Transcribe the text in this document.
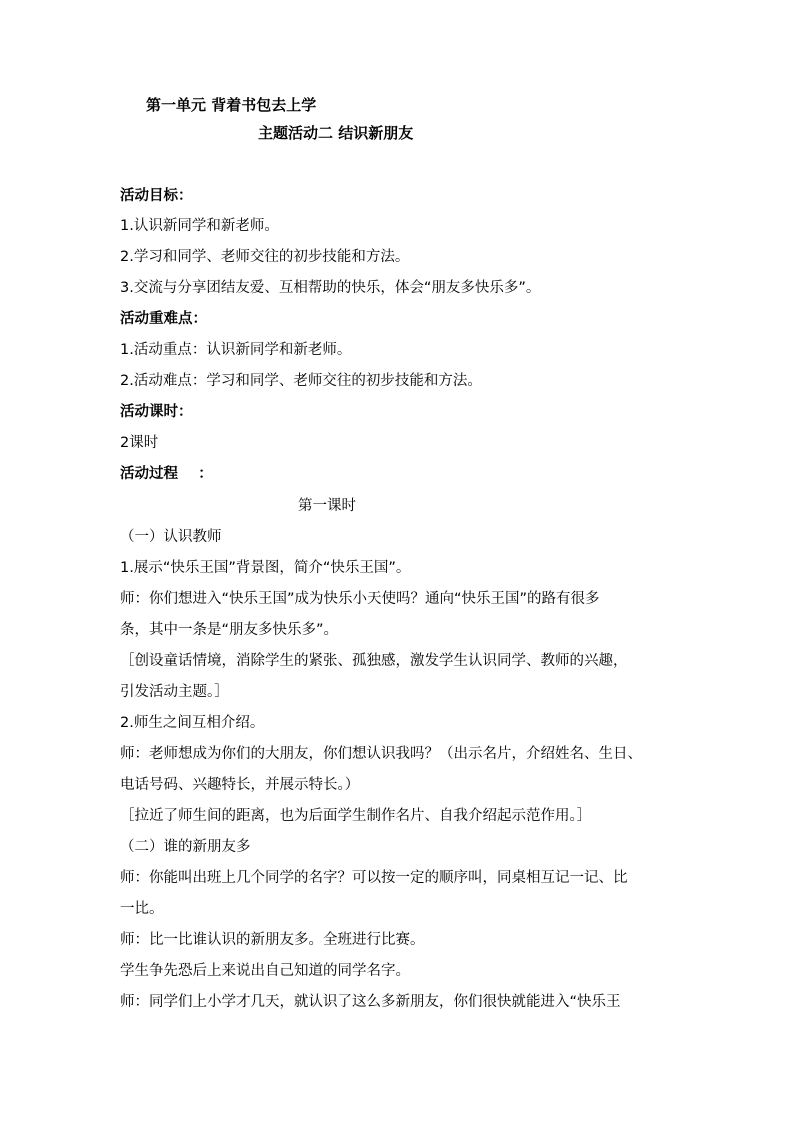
第一单元 背着书包去上学
主题活动二 结识新朋友
活动目标：
1.认识新同学和新老师。
2.学习和同学、老师交往的初步技能和方法。
3.交流与分享团结友爱、互相帮助的快乐，体会“朋友多快乐多”。
活动重难点：
1.活动重点：认识新同学和新老师。
2.活动难点：学习和同学、老师交往的初步技能和方法。
活动课时：
2课时
活动过程    ：
第一课时
（一）认识教师
1.展示“快乐王国”背景图，简介“快乐王国”。
师：你们想进入“快乐王国”成为快乐小天使吗？通向“快乐王国”的路有很多
条，其中一条是“朋友多快乐多”。
［创设童话情境，消除学生的紧张、孤独感，激发学生认识同学、教师的兴趣，
引发活动主题。］
2.师生之间互相介绍。
师：老师想成为你们的大朋友，你们想认识我吗？（出示名片，介绍姓名、生日、
电话号码、兴趣特长，并展示特长。）
［拉近了师生间的距离，也为后面学生制作名片、自我介绍起示范作用。］
（二）谁的新朋友多
师：你能叫出班上几个同学的名字？可以按一定的顺序叫，同桌相互记一记、比
一比。
师：比一比谁认识的新朋友多。全班进行比赛。
学生争先恐后上来说出自己知道的同学名字。
师：同学们上小学才几天，就认识了这么多新朋友，你们很快就能进入“快乐王
